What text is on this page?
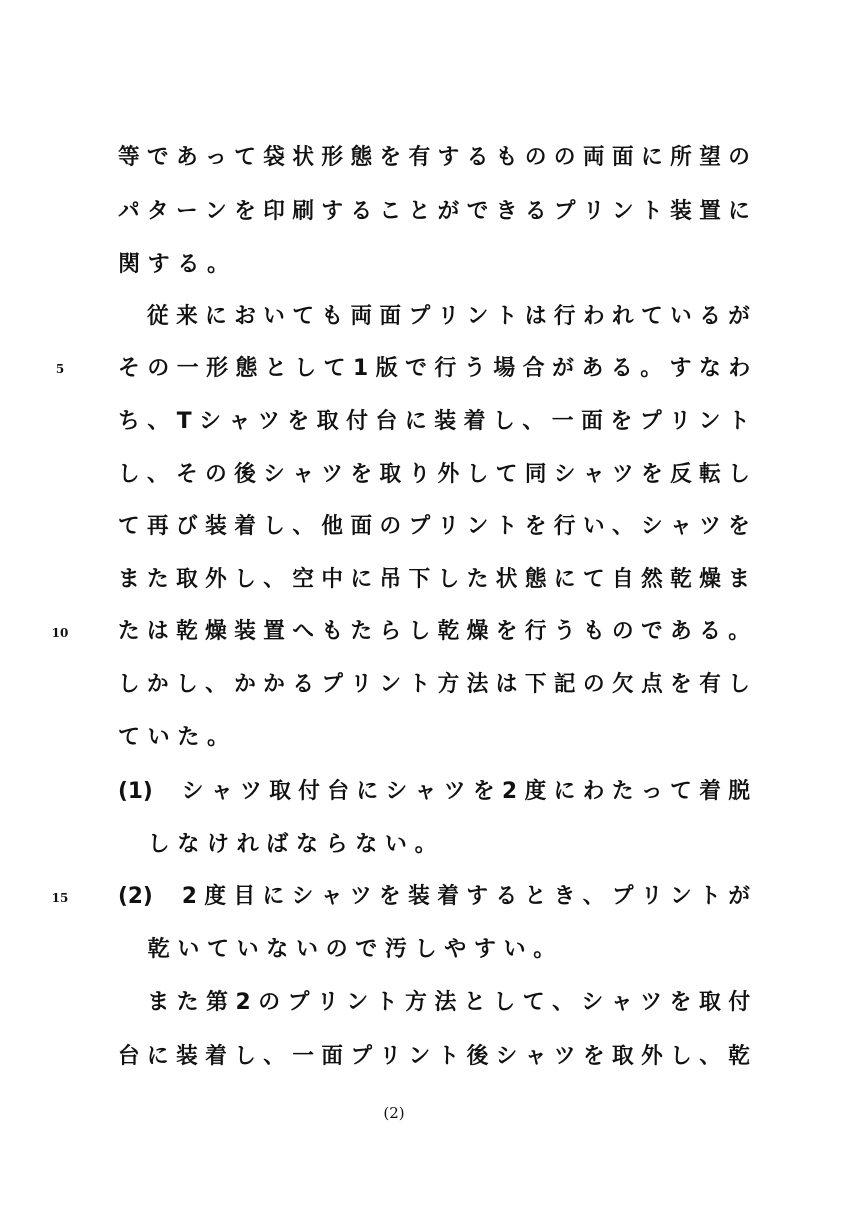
等 で あ っ て 袋 状 形 態 を 有 す る も の の 両 面 に 所 望 の
パ タ ー ン を 印 刷 す る こ と が で き る プ リ ン ト 装 置 に
関 す る 。
　 従 来 に お い て も 両 面 プ リ ン ト は 行 わ れ て い る が
そ の 一 形 態 と し て 1 版 で 行 う 場 合 が あ る 。 す な わ
ち 、 T シ ャ ツ を 取 付 台 に 装 着 し 、 一 面 を プ リ ン ト
し 、 そ の 後 シ ャ ツ を 取 り 外 し て 同 シ ャ ツ を 反 転 し
て 再 び 装 着 し 、 他 面 の プ リ ン ト を 行 い 、 シ ャ ツ を
ま た 取 外 し 、 空 中 に 吊 下 し た 状 態 に て 自 然 乾 燥 ま
た は 乾 燥 装 置 へ も た ら し 乾 燥 を 行 う も の で あ る 。
し か し 、 か か る プ リ ン ト 方 法 は 下 記 の 欠 点 を 有 し
て い た 。
(1)　 シ ャ ツ 取 付 台 に シ ャ ツ を 2 度 に わ た っ て 着 脱
　 し な け れ ば な ら な い 。
(2)　 2 度 目 に シ ャ ツ を 装 着 す る と き 、 プ リ ン ト が
　 乾 い て い な い の で 汚 し や す い 。
　 ま た 第 2 の プ リ ン ト 方 法 と し て 、 シ ャ ツ を 取 付
台 に 装 着 し 、 一 面 プ リ ン ト 後 シ ャ ツ を 取 外 し 、 乾
5
10
15
(2)
